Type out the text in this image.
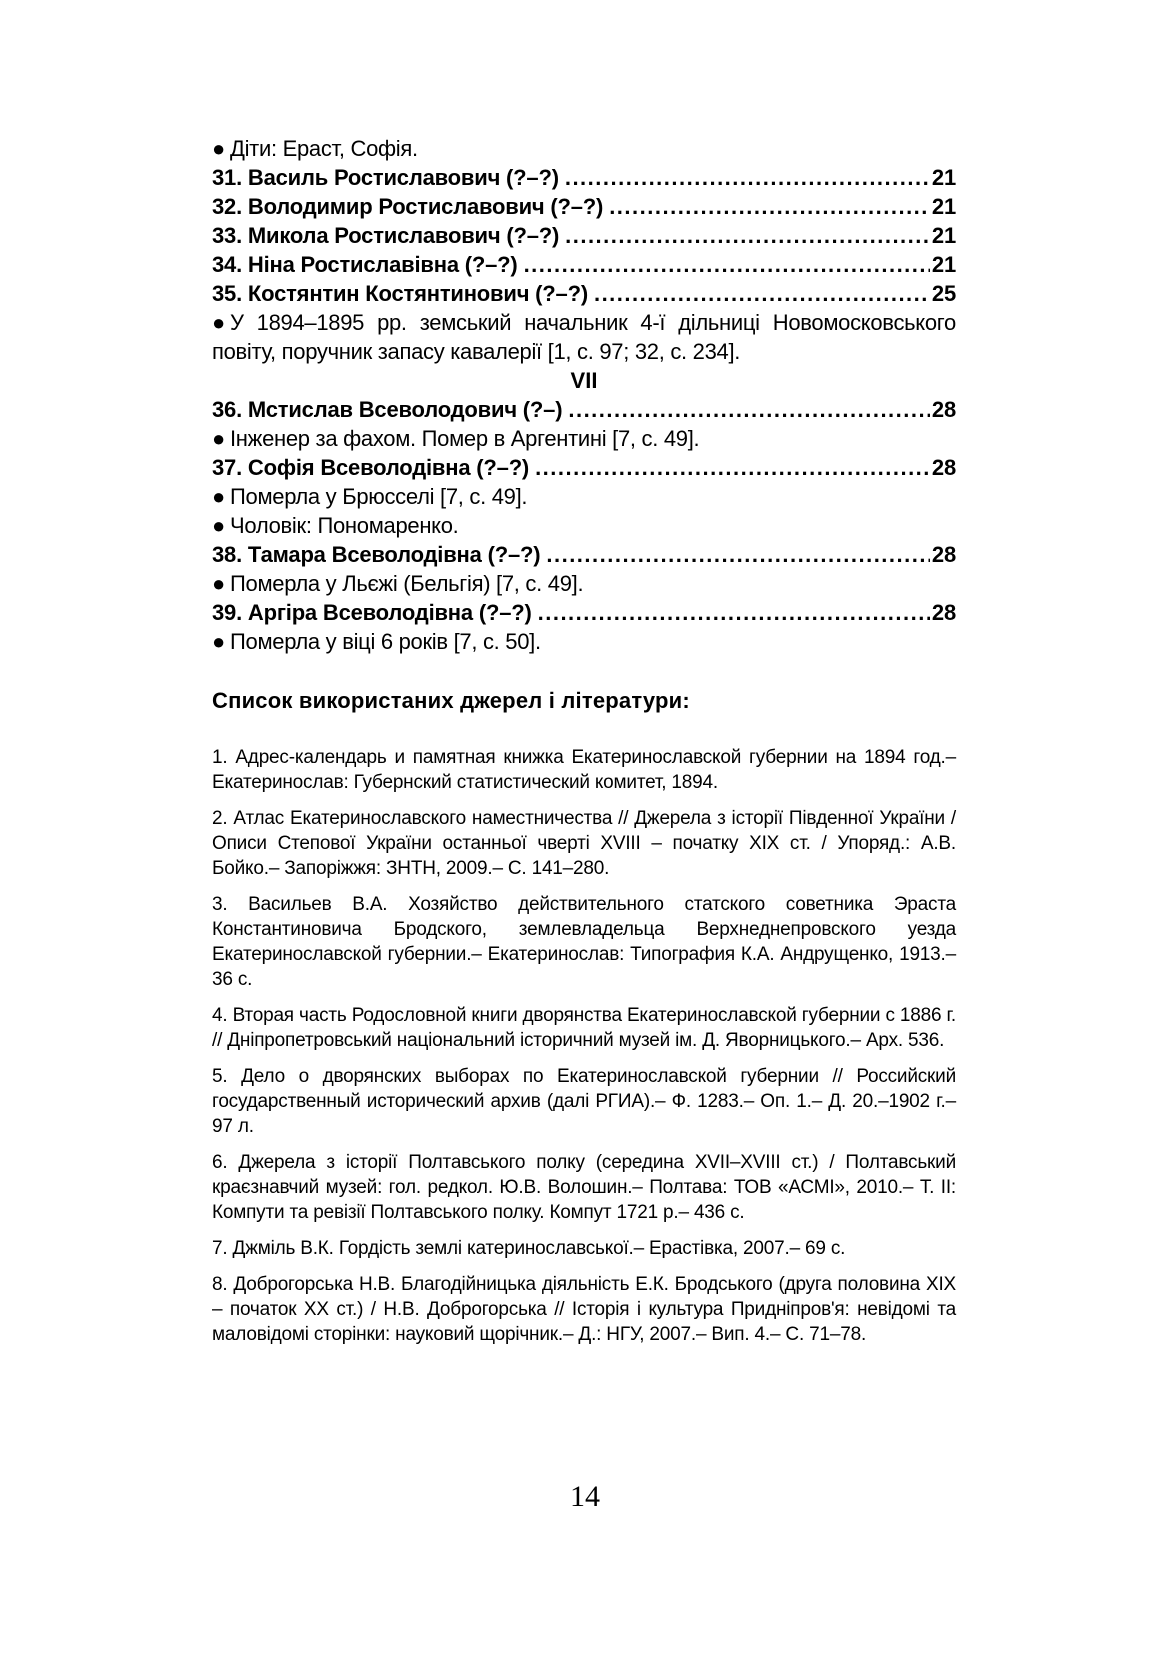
● Діти: Ераст, Софія.
31. Василь Ростиславович (?–?) .....	21
32. Володимир Ростиславович (?–?) .....	21
33. Микола Ростиславович (?–?) .....	21
34. Ніна Ростиславівна (?–?) .....	21
35. Костянтин Костянтинович (?–?) .....	25
● У 1894–1895 рр. земський начальник 4-ї дільниці Новомосковського повіту, поручник запасу кавалерії [1, с. 97; 32, с. 234].
VII
36. Мстислав Всеволодович (?–) .....	28
● Інженер за фахом. Помер в Аргентині [7, с. 49].
37. Софія Всеволодівна (?–?) .....	28
● Померла у Брюсселі [7, с. 49].
● Чоловік: Пономаренко.
38. Тамара Всеволодівна (?–?) .....	28
● Померла у Льєжі (Бельгія) [7, с. 49].
39. Аргіра Всеволодівна (?–?) .....	28
● Померла у віці 6 років [7, с. 50].
Список використаних джерел і літератури:
1. Адрес-календарь и памятная книжка Екатеринославской губернии на 1894 год.– Екатеринослав: Губернский статистический комитет, 1894.
2. Атлас Екатеринославского наместничества // Джерела з історії Південної України / Описи Степової України останньої чверті XVIII – початку XIX ст. / Упоряд.: А.В. Бойко.– Запоріжжя: ЗНТН, 2009.– С. 141–280.
3. Васильев В.А. Хозяйство действительного статского советника Эраста Константиновича Бродского, землевладельца Верхнеднепровского уезда Екатеринославской губернии.– Екатеринослав: Типография К.А. Андрущенко, 1913.– 36 с.
4. Вторая часть Родословной книги дворянства Екатеринославской губернии с 1886 г. // Дніпропетровський національний історичний музей ім. Д. Яворницького.– Арх. 536.
5. Дело о дворянских выборах по Екатеринославской губернии // Российский государственный исторический архив (далі РГИА).– Ф. 1283.– Оп. 1.– Д. 20.–1902 г.–97 л.
6. Джерела з історії Полтавського полку (середина XVII–XVIII ст.) / Полтавський краєзнавчий музей: гол. редкол. Ю.В. Волошин.– Полтава: ТОВ «АСМІ», 2010.– Т. ІІ: Компути та ревізії Полтавського полку. Компут 1721 р.– 436 с.
7. Джміль В.К. Гордість землі катеринославської.– Ерастівка, 2007.– 69 с.
8. Доброгорська Н.В. Благодійницька діяльність Е.К. Бродського (друга половина XIX – початок XX ст.) / Н.В. Доброгорська // Історія і культура Придніпров'я: невідомі та маловідомі сторінки: науковий щорічник.– Д.: НГУ, 2007.– Вип. 4.– С. 71–78.
14
